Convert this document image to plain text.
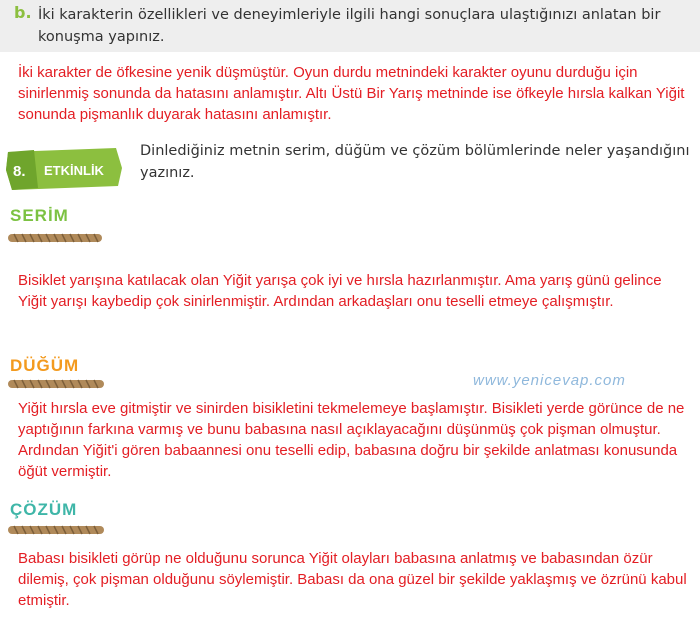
b. İki karakterin özellikleri ve deneyimleriyle ilgili hangi sonuçlara ulaştığınızı anlatan bir konuşma yapınız.
İki karakter de öfkesine yenik düşmüştür. Oyun durdu metnindeki karakter oyunu durduğu için sinirlenmiş sonunda da hatasını anlamıştır. Altı Üstü Bir Yarış metninde ise öfkeyle hırsla kalkan Yiğit sonunda pişmanlık duyarak hatasını anlamıştır.
8. ETKİNLİK
Dinlediğiniz metnin serim, düğüm ve çözüm bölümlerinde neler yaşandığını yazınız.
SERİM
Bisiklet yarışına katılacak olan Yiğit yarışa çok iyi ve hırsla hazırlanmıştır. Ama yarış günü gelince Yiğit yarışı kaybedip çok sinirlenmiştir. Ardından arkadaşları onu teselli etmeye çalışmıştır.
DÜĞÜM
www.yenicevap.com
Yiğit hırsla eve gitmiştir ve sinirden bisikletini tekmelemeye başlamıştır. Bisikleti yerde görünce de ne yaptığının farkına varmış ve bunu babasına nasıl açıklayacağını düşünmüş çok pişman olmuştur. Ardından Yiğit'i gören babaannesi onu teselli edip, babasına doğru bir şekilde anlatması konusunda öğüt vermiştir.
ÇÖZÜM
Babası bisikleti görüp ne olduğunu sorunca Yiğit olayları babasına anlatmış ve babasından özür dilemiş, çok pişman olduğunu söylemiştir. Babası da ona güzel bir şekilde yaklaşmış ve özrünü kabul etmiştir.
